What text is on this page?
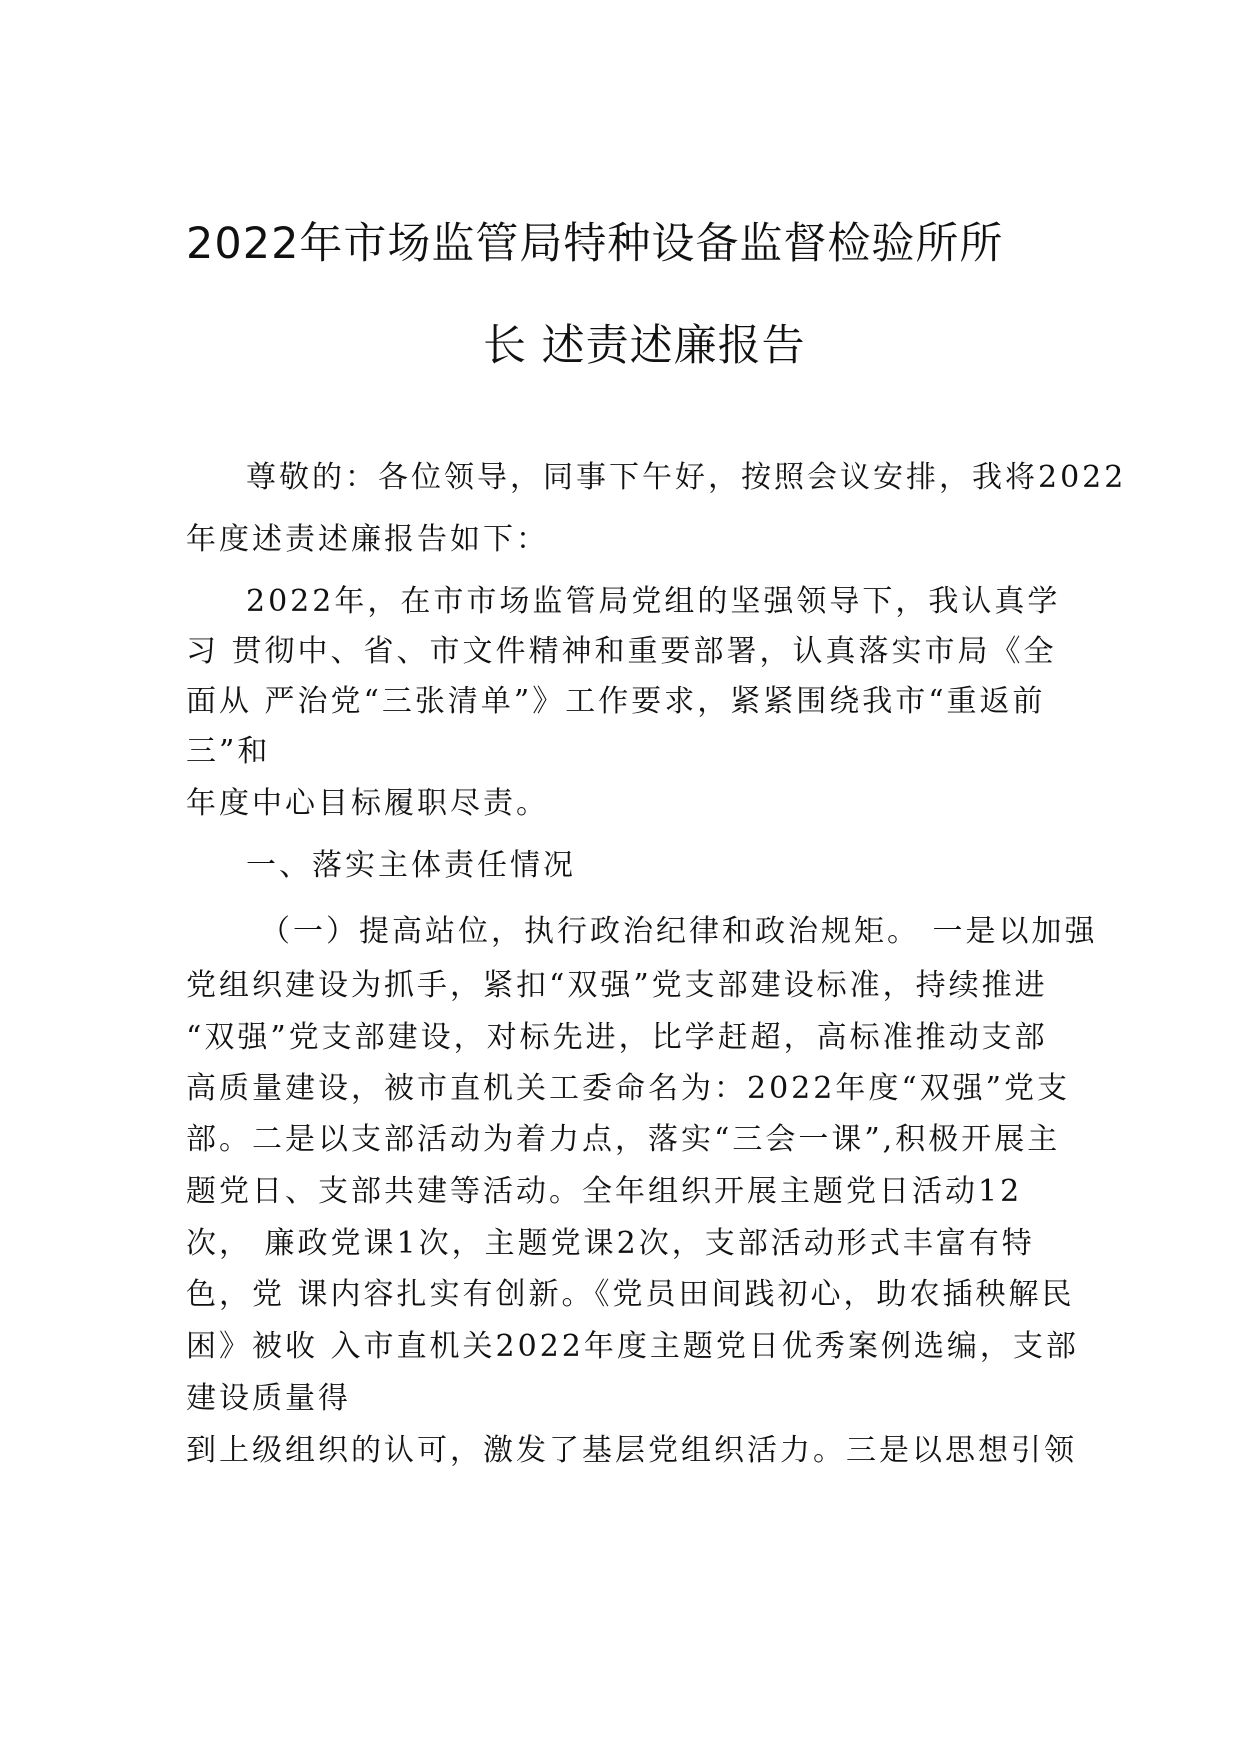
2022年市场监管局特种设备监督检验所所
长 述责述廉报告
尊敬的：各位领导，同事下午好，按照会议安排，我将2022
年度述责述廉报告如下：
2022年，在市市场监管局党组的坚强领导下，我认真学
习 贯彻中、省、市文件精神和重要部署，认真落实市局《全
面从 严治党“三张清单”》工作要求，紧紧围绕我市“重返前
三”和
年度中心目标履职尽责。
一、落实主体责任情况
（一）提高站位，执行政治纪律和政治规矩。 一是以加强
党组织建设为抓手，紧扣“双强”党支部建设标准，持续推进
“双强”党支部建设，对标先进，比学赶超，高标准推动支部
高质量建设，被市直机关工委命名为：2022年度“双强”党支
部。二是以支部活动为着力点，落实“三会一课”,积极开展主
题党日、支部共建等活动。全年组织开展主题党日活动12
次， 廉政党课1次，主题党课2次，支部活动形式丰富有特
色，党 课内容扎实有创新。《党员田间践初心，助农插秧解民
困》被收 入市直机关2022年度主题党日优秀案例选编，支部
建设质量得
到上级组织的认可，激发了基层党组织活力。三是以思想引领
